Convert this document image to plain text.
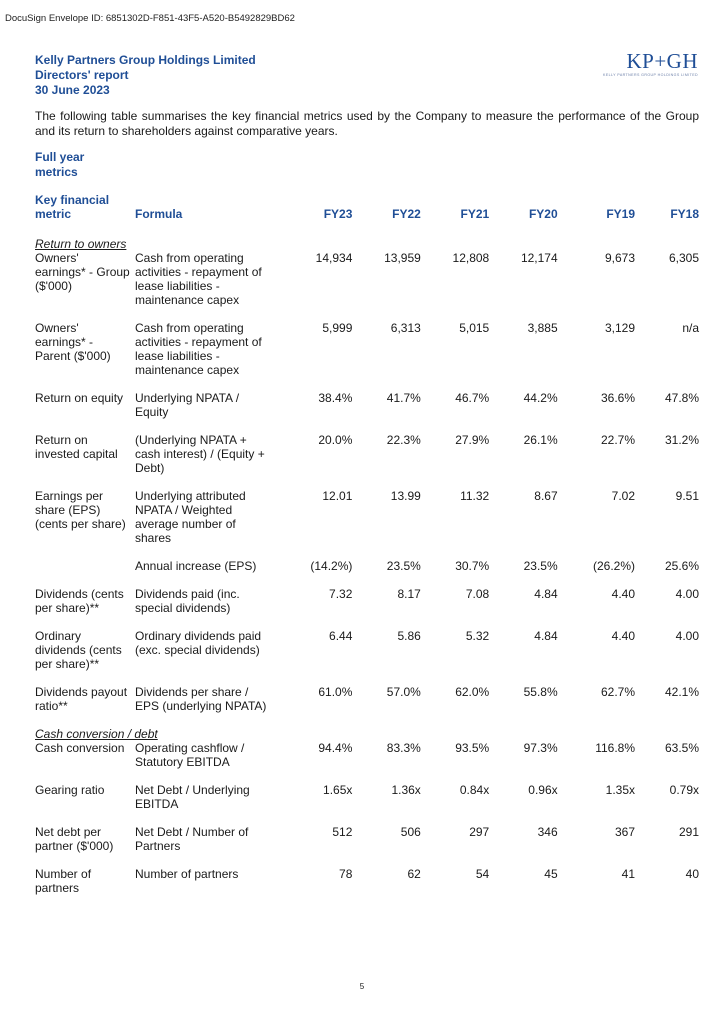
DocuSign Envelope ID: 6851302D-F851-43F5-A520-B5492829BD62
Kelly Partners Group Holdings Limited
Directors' report
30 June 2023
KP+GH
KELLY PARTNERS GROUP HOLDINGS LIMITED
The following table summarises the key financial metrics used by the Company to measure the performance of the Group and its return to shareholders against comparative years.
Full year metrics
Key financial metric	Formula	FY23	FY22	FY21	FY20	FY19	FY18
Return to owners							
Owners' earnings* - Group ($'000)	Cash from operating activities - repayment of lease liabilities - maintenance capex	14,934	13,959	12,808	12,174	9,673	6,305
Owners' earnings* - Parent ($'000)	Cash from operating activities - repayment of lease liabilities - maintenance capex	5,999	6,313	5,015	3,885	3,129	n/a
Return on equity	Underlying NPATA / Equity	38.4%	41.7%	46.7%	44.2%	36.6%	47.8%
Return on invested capital	(Underlying NPATA + cash interest) / (Equity + Debt)	20.0%	22.3%	27.9%	26.1%	22.7%	31.2%
Earnings per share (EPS) (cents per share)	Underlying attributed NPATA / Weighted average number of shares	12.01	13.99	11.32	8.67	7.02	9.51
	Annual increase (EPS)	(14.2%)	23.5%	30.7%	23.5%	(26.2%)	25.6%
Dividends (cents per share)**	Dividends paid (inc. special dividends)	7.32	8.17	7.08	4.84	4.40	4.00
Ordinary dividends (cents per share)**	Ordinary dividends paid (exc. special dividends)	6.44	5.86	5.32	4.84	4.40	4.00
Dividends payout ratio**	Dividends per share / EPS (underlying NPATA)	61.0%	57.0%	62.0%	55.8%	62.7%	42.1%
Cash conversion / debt							
Cash conversion	Operating cashflow / Statutory EBITDA	94.4%	83.3%	93.5%	97.3%	116.8%	63.5%
Gearing ratio	Net Debt / Underlying EBITDA	1.65x	1.36x	0.84x	0.96x	1.35x	0.79x
Net debt per partner ($'000)	Net Debt / Number of Partners	512	506	297	346	367	291
Number of partners	Number of partners	78	62	54	45	41	40
5
